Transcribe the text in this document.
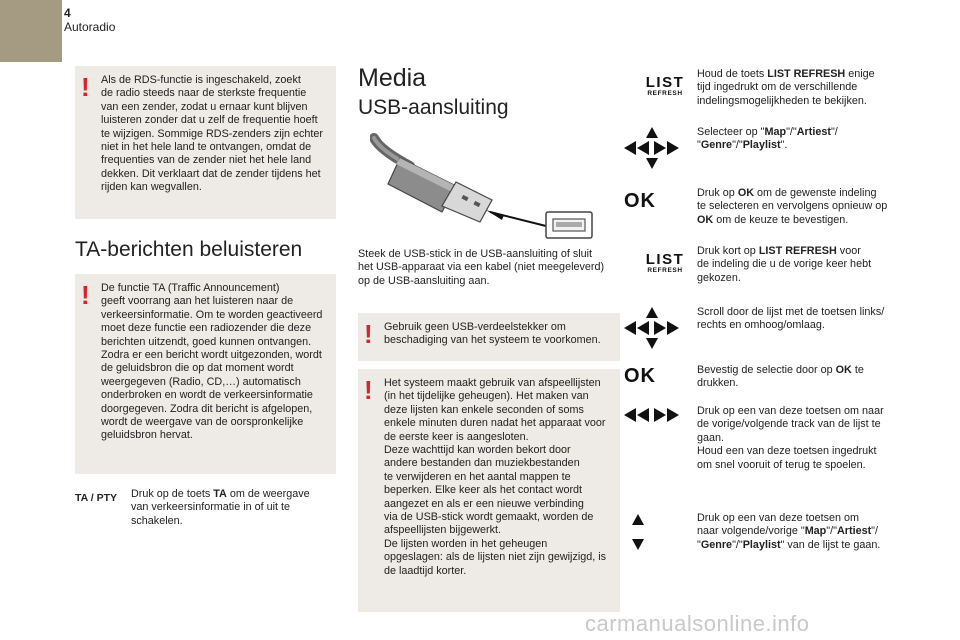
4
Autoradio
! Als de RDS-functie is ingeschakeld, zoekt
de radio steeds naar de sterkste frequentie
van een zender, zodat u ernaar kunt blijven
luisteren zonder dat u zelf de frequentie hoeft
te wijzigen. Sommige RDS-zenders zijn echter
niet in het hele land te ontvangen, omdat de
frequenties van de zender niet het hele land
dekken. Dit verklaart dat de zender tijdens het
rijden kan wegvallen.
TA-berichten beluisteren
! De functie TA (Traffic Announcement)
geeft voorrang aan het luisteren naar de
verkeersinformatie. Om te worden geactiveerd
moet deze functie een radiozender die deze
berichten uitzendt, goed kunnen ontvangen.
Zodra er een bericht wordt uitgezonden, wordt
de geluidsbron die op dat moment wordt
weergegeven (Radio, CD,…) automatisch
onderbroken en wordt de verkeersinformatie
doorgegeven. Zodra dit bericht is afgelopen,
wordt de weergave van de oorspronkelijke
geluidsbron hervat.
TA / PTY Druk op de toets TA om de weergave
van verkeersinformatie in of uit te
schakelen.
Media
USB-aansluiting
Steek de USB-stick in de USB-aansluiting of sluit
het USB-apparaat via een kabel (niet meegeleverd)
op de USB-aansluiting aan.
! Gebruik geen USB-verdeelstekker om
beschadiging van het systeem te voorkomen.
! Het systeem maakt gebruik van afspeellijsten
(in het tijdelijke geheugen). Het maken van
deze lijsten kan enkele seconden of soms
enkele minuten duren nadat het apparaat voor
de eerste keer is aangesloten.
Deze wachttijd kan worden bekort door
andere bestanden dan muziekbestanden
te verwijderen en het aantal mappen te
beperken. Elke keer als het contact wordt
aangezet en als er een nieuwe verbinding
via de USB-stick wordt gemaakt, worden de
afspeellijsten bijgewerkt.
De lijsten worden in het geheugen
opgeslagen: als de lijsten niet zijn gewijzigd, is
de laadtijd korter.
LIST
REFRESH
Houd de toets LIST REFRESH enige
tijd ingedrukt om de verschillende
indelingsmogelijkheden te bekijken.
Selecteer op "Map"/"Artiest"/
"Genre"/"Playlist".
OK	Druk op OK om de gewenste indeling
te selecteren en vervolgens opnieuw op
OK om de keuze te bevestigen.
LIST
REFRESH
Druk kort op LIST REFRESH voor
de indeling die u de vorige keer hebt
gekozen.
Scroll door de lijst met de toetsen links/
rechts en omhoog/omlaag.
OK	Bevestig de selectie door op OK te
drukken.
Druk op een van deze toetsen om naar
de vorige/volgende track van de lijst te
gaan.
Houd een van deze toetsen ingedrukt
om snel vooruit of terug te spoelen.
Druk op een van deze toetsen om
naar volgende/vorige "Map"/"Artiest"/
"Genre"/"Playlist" van de lijst te gaan.
carmanualsonline.info
